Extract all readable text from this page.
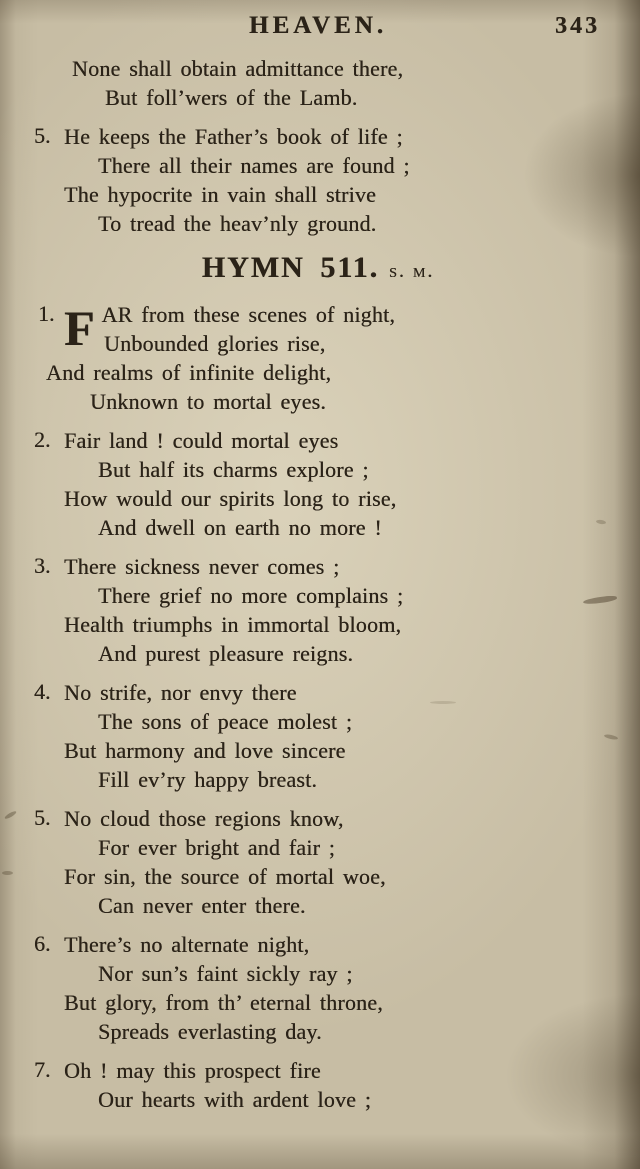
HEAVEN.	343
None shall obtain admittance there,
But foll’wers of the Lamb.
5. He keeps the Father’s book of life ;
There all their names are found ;
The hypocrite in vain shall strive
To tread the heav’nly ground.
HYMN 511. s. m.
1. F AR from these scenes of night,
Unbounded glories rise,
And realms of infinite delight,
Unknown to mortal eyes.
2. Fair land ! could mortal eyes
But half its charms explore ;
How would our spirits long to rise,
And dwell on earth no more !
3. There sickness never comes ;
There grief no more complains ;
Health triumphs in immortal bloom,
And purest pleasure reigns.
4. No strife, nor envy there
The sons of peace molest ;
But harmony and love sincere
Fill ev’ry happy breast.
5. No cloud those regions know,
For ever bright and fair ;
For sin, the source of mortal woe,
Can never enter there.
6. There’s no alternate night,
Nor sun’s faint sickly ray ;
But glory, from th’ eternal throne,
Spreads everlasting day.
7. Oh ! may this prospect fire
Our hearts with ardent love ;
